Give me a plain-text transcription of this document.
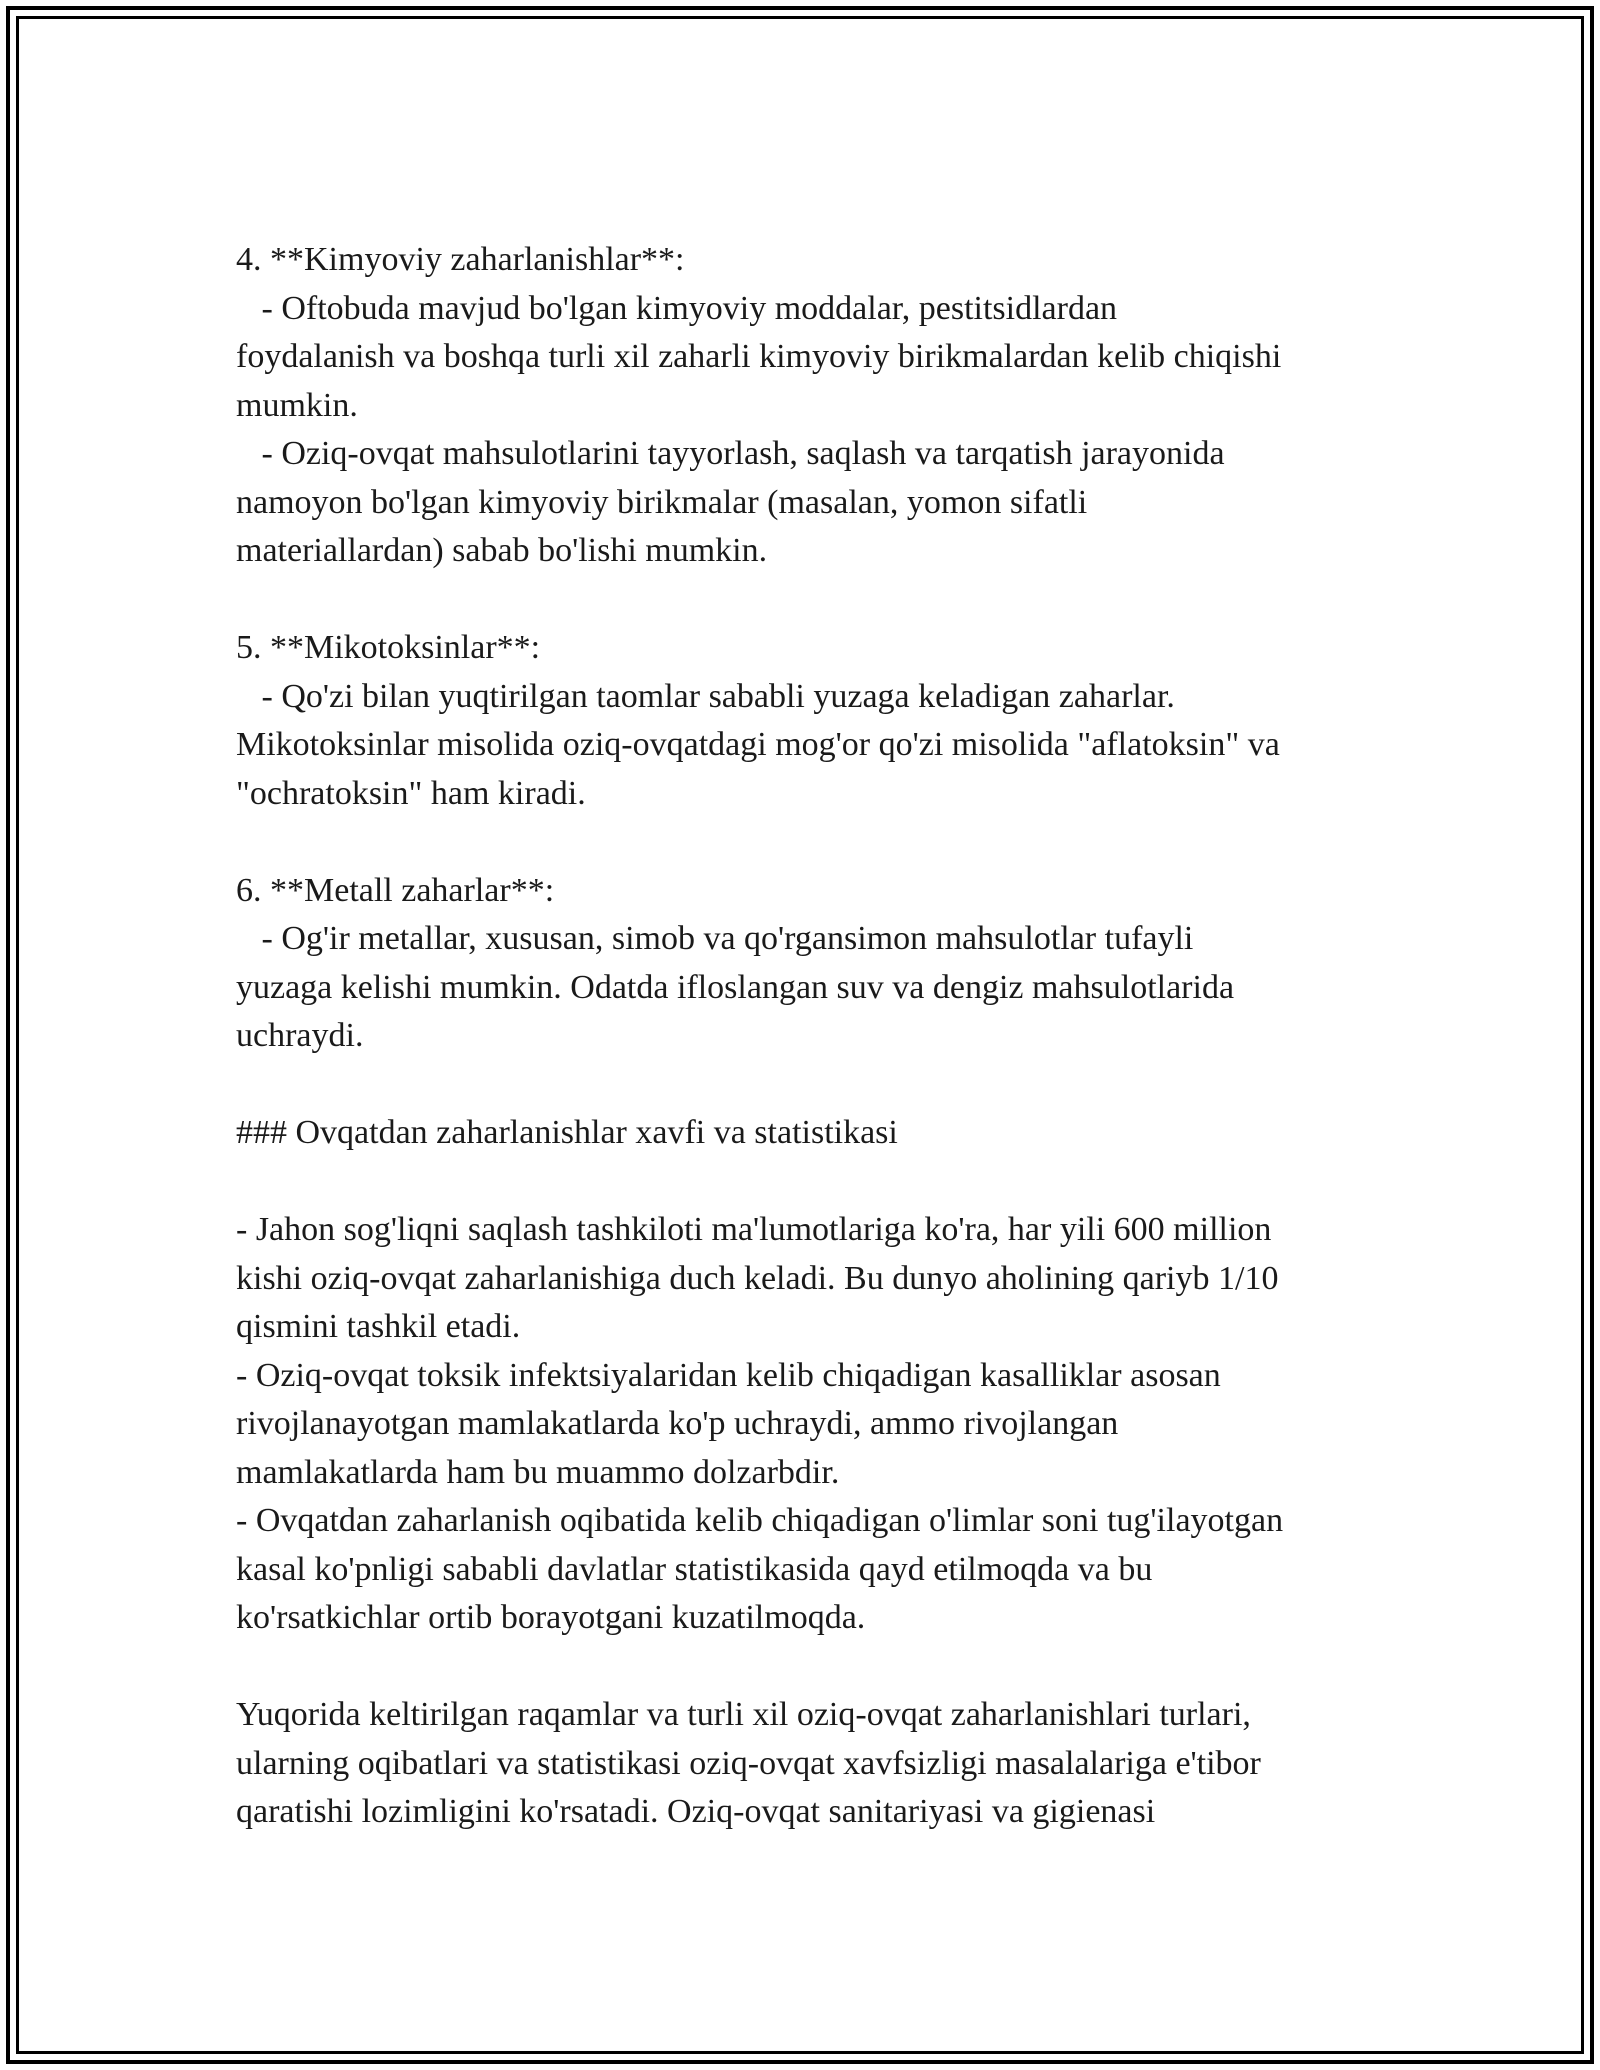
4. **Kimyoviy zaharlanishlar**:

- Oftobuda mavjud bo'lgan kimyoviy moddalar, pestitsidlardan

foydalanish va boshqa turli xil zaharli kimyoviy birikmalardan kelib chiqishi

mumkin.

- Oziq-ovqat mahsulotlarini tayyorlash, saqlash va tarqatish jarayonida

namoyon bo'lgan kimyoviy birikmalar (masalan, yomon sifatli

materiallardan) sabab bo'lishi mumkin.

5. **Mikotoksinlar**:

- Qo'zi bilan yuqtirilgan taomlar sababli yuzaga keladigan zaharlar.

Mikotoksinlar misolida oziq-ovqatdagi mog'or qo'zi misolida "aflatoksin" va

"ochratoksin" ham kiradi.

6. **Metall zaharlar**:

- Og'ir metallar, xususan, simob va qo'rgansimon mahsulotlar tufayli

yuzaga kelishi mumkin. Odatda ifloslangan suv va dengiz mahsulotlarida

uchraydi.

### Ovqatdan zaharlanishlar xavfi va statistikasi

- Jahon sog'liqni saqlash tashkiloti ma'lumotlariga ko'ra, har yili 600 million

kishi oziq-ovqat zaharlanishiga duch keladi. Bu dunyo aholining qariyb 1/10

qismini tashkil etadi.

- Oziq-ovqat toksik infektsiyalaridan kelib chiqadigan kasalliklar asosan

rivojlanayotgan mamlakatlarda ko'p uchraydi, ammo rivojlangan

mamlakatlarda ham bu muammo dolzarbdir.

- Ovqatdan zaharlanish oqibatida kelib chiqadigan o'limlar soni tug'ilayotgan

kasal ko'pnligi sababli davlatlar statistikasida qayd etilmoqda va bu

ko'rsatkichlar ortib borayotgani kuzatilmoqda.

Yuqorida keltirilgan raqamlar va turli xil oziq-ovqat zaharlanishlari turlari,

ularning oqibatlari va statistikasi oziq-ovqat xavfsizligi masalalariga e'tibor

qaratishi lozimligini ko'rsatadi. Oziq-ovqat sanitariyasi va gigienasi
